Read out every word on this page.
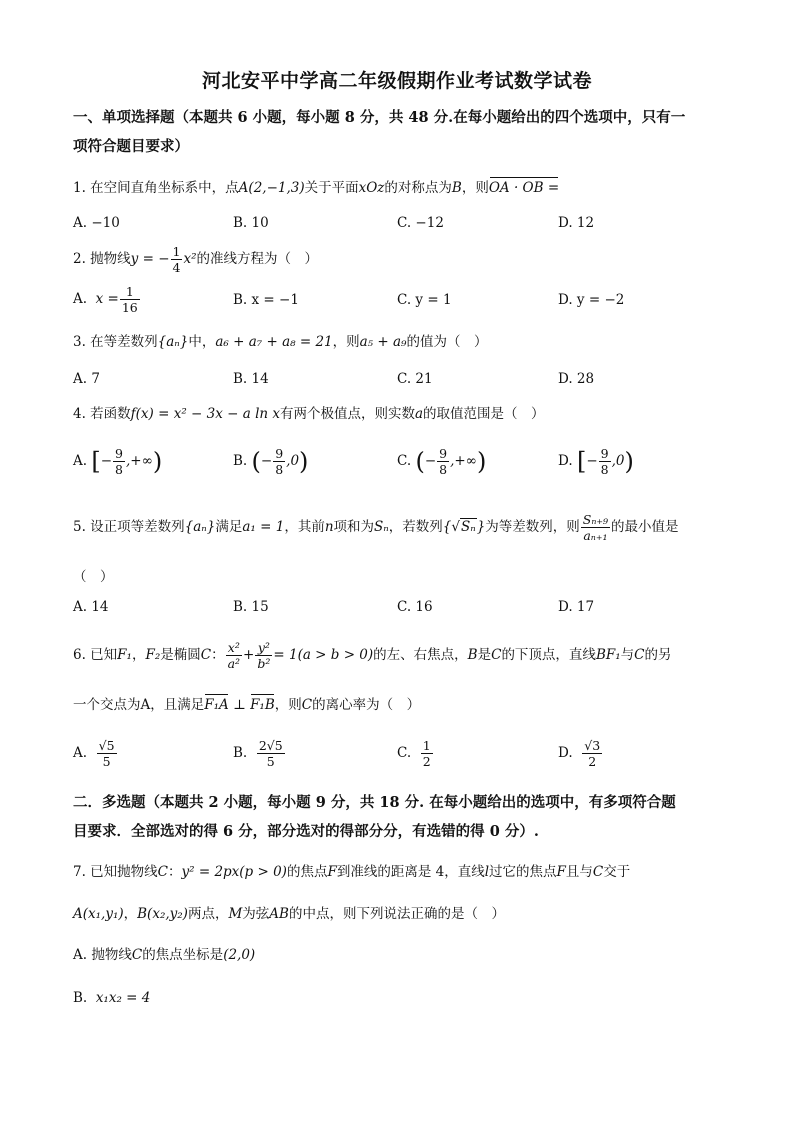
河北安平中学高二年级假期作业考试数学试卷
一、单项选择题（本题共 6 小题，每小题 8 分，共 48 分.在每小题给出的四个选项中，只有一
项符合题目要求）
1. 在空间直角坐标系中，点A(2,−1,3)关于平面xOz的对称点为B，则OA · OB =
A. −10	B. 10	C. −12	D. 12
2. 抛物线y = − $\frac{1}{4} x^2$的准线方程为（　）
A. $x = \frac{1}{16}$	B. x = −1	C. y = 1	D. y = −2
3. 在等差数列{aₙ}中，a₆ + a₇ + a₈ = 21，则a₅ + a₉的值为（　）
A. 7	B. 14	C. 21	D. 28
4. 若函数f(x) = x² − 3x − a ln x有两个极值点，则实数a的取值范围是（　）
A. [− $\frac{9}{8}$ ,+∞)	B. (− $\frac{9}{8} ,0$)	C. (− $\frac{9}{8}$ ,+∞)	D. [− $\frac{9}{8} ,0$)
5. 设正项等差数列{aₙ}满足a₁ = 1，其前n项和为Sₙ，若数列{√Sₙ}为等差数列，则 $\frac{\text{Sₙ₊₉}}{\text{aₙ₊₁}}$ 的最小值是
（　）
A. 14	B. 15	C. 16	D. 17
6. 已知F₁，F₂是椭圆C： $\frac{\text{x²}}{\text{a²}} + \frac{\text{y²}}{\text{b²}} = 1(a > b > 0)$的左、右焦点，B是C的下顶点，直线BF₁与C的另
一个交点为A，且满足F₁A ⊥ F₁B，则C的离心率为（　）
A. $\frac{√5}{5}$	B. $\frac{2√5}{5}$	C. $\frac{1}{2}$	D. $\frac{√3}{2}$
二．多选题（本题共 2 小题，每小题 9 分，共 18 分. 在每小题给出的选项中，有多项符合题
目要求．全部选对的得 6 分，部分选对的得部分分，有选错的得 0 分）.
7. 已知抛物线C：y² = 2px(p > 0)的焦点F到准线的距离是 4，直线l过它的焦点F且与C交于
A(x₁,y₁)，B(x₂,y₂)两点，M为弦AB的中点，则下列说法正确的是（　）
A. 抛物线C的焦点坐标是(2,0)
B. x₁x₂ = 4
